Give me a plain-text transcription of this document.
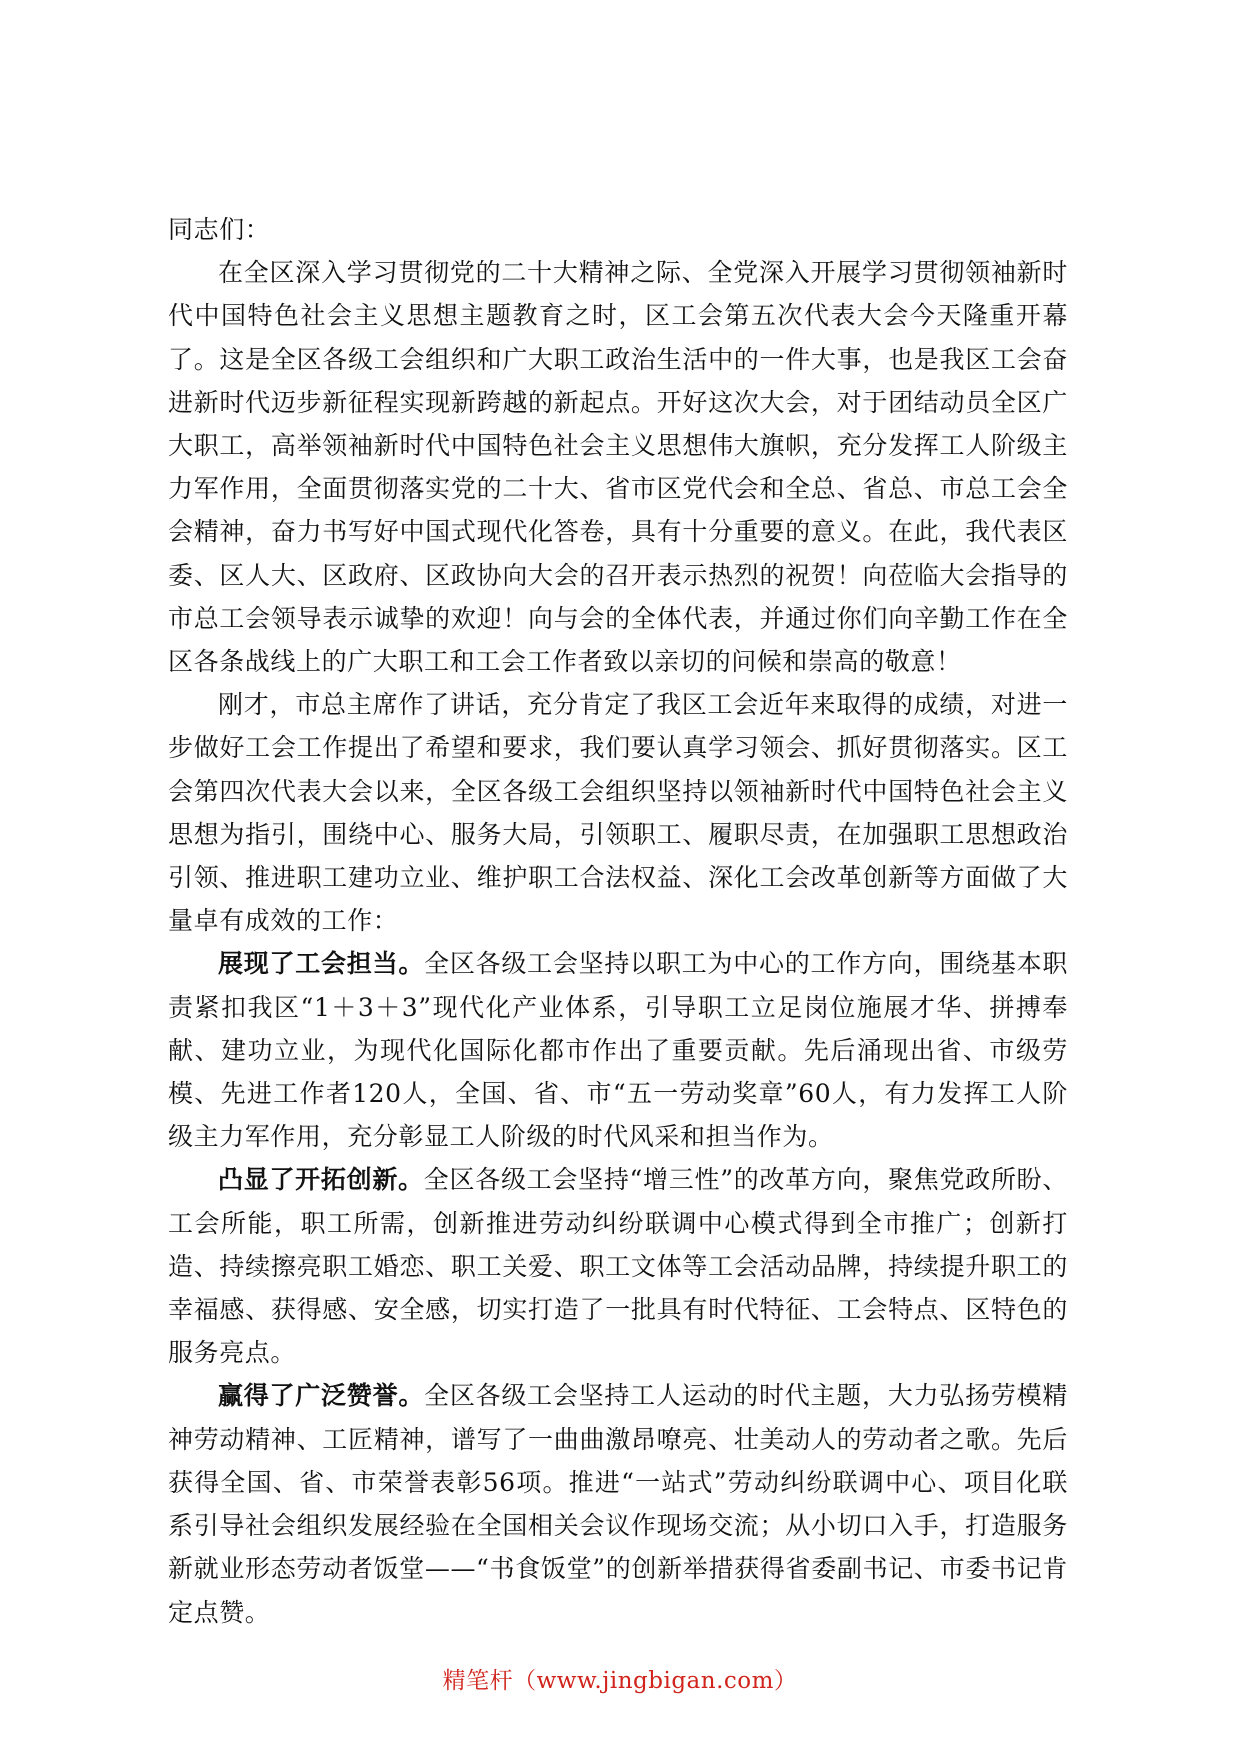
同志们：

在全区深入学习贯彻党的二十大精神之际、全党深入开展学习贯彻领袖新时代中国特色社会主义思想主题教育之时，区工会第五次代表大会今天隆重开幕了。这是全区各级工会组织和广大职工政治生活中的一件大事，也是我区工会奋进新时代迈步新征程实现新跨越的新起点。开好这次大会，对于团结动员全区广大职工，高举领袖新时代中国特色社会主义思想伟大旗帜，充分发挥工人阶级主力军作用，全面贯彻落实党的二十大、省市区党代会和全总、省总、市总工会全会精神，奋力书写好中国式现代化答卷，具有十分重要的意义。在此，我代表区委、区人大、区政府、区政协向大会的召开表示热烈的祝贺！向莅临大会指导的市总工会领导表示诚挚的欢迎！向与会的全体代表，并通过你们向辛勤工作在全区各条战线上的广大职工和工会工作者致以亲切的问候和崇高的敬意！

刚才，市总主席作了讲话，充分肯定了我区工会近年来取得的成绩，对进一步做好工会工作提出了希望和要求，我们要认真学习领会、抓好贯彻落实。区工会第四次代表大会以来，全区各级工会组织坚持以领袖新时代中国特色社会主义思想为指引，围绕中心、服务大局，引领职工、履职尽责，在加强职工思想政治引领、推进职工建功立业、维护职工合法权益、深化工会改革创新等方面做了大量卓有成效的工作：

展现了工会担当。全区各级工会坚持以职工为中心的工作方向，围绕基本职责紧扣我区“1＋3＋3”现代化产业体系，引导职工立足岗位施展才华、拼搏奉献、建功立业，为现代化国际化都市作出了重要贡献。先后涌现出省、市级劳模、先进工作者120人，全国、省、市“五一劳动奖章”60人，有力发挥工人阶级主力军作用，充分彰显工人阶级的时代风采和担当作为。

凸显了开拓创新。全区各级工会坚持“增三性”的改革方向，聚焦党政所盼、工会所能，职工所需，创新推进劳动纠纷联调中心模式得到全市推广；创新打造、持续擦亮职工婚恋、职工关爱、职工文体等工会活动品牌，持续提升职工的幸福感、获得感、安全感，切实打造了一批具有时代特征、工会特点、区特色的服务亮点。

赢得了广泛赞誉。全区各级工会坚持工人运动的时代主题，大力弘扬劳模精神劳动精神、工匠精神，谱写了一曲曲激昂嘹亮、壮美动人的劳动者之歌。先后获得全国、省、市荣誉表彰56项。推进“一站式”劳动纠纷联调中心、项目化联系引导社会组织发展经验在全国相关会议作现场交流；从小切口入手，打造服务新就业形态劳动者饭堂——“书食饭堂”的创新举措获得省委副书记、市委书记肯定点赞。

精笔杆（www.jingbigan.com）
